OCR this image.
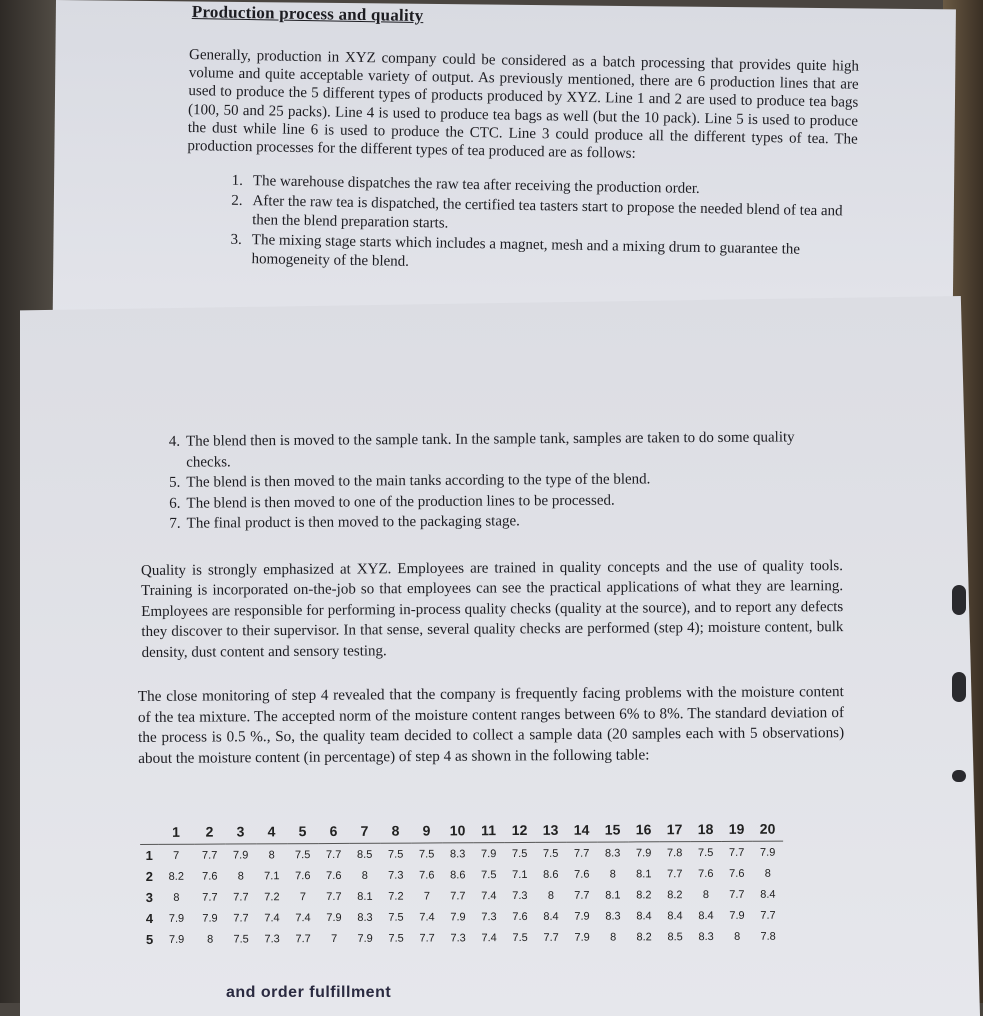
Production process and quality

Generally, production in XYZ company could be considered as a batch processing that provides quite high volume and quite acceptable variety of output. As previously mentioned, there are 6 production lines that are used to produce the 5 different types of products produced by XYZ. Line 1 and 2 are used to produce tea bags (100, 50 and 25 packs). Line 4 is used to produce tea bags as well (but the 10 pack). Line 5 is used to produce the dust while line 6 is used to produce the CTC. Line 3 could produce all the different types of tea. The production processes for the different types of tea produced are as follows:

1. The warehouse dispatches the raw tea after receiving the production order.
2. After the raw tea is dispatched, the certified tea tasters start to propose the needed blend of tea and then the blend preparation starts.
3. The mixing stage starts which includes a magnet, mesh and a mixing drum to guarantee the homogeneity of the blend.
4. The blend then is moved to the sample tank. In the sample tank, samples are taken to do some quality checks.
5. The blend is then moved to the main tanks according to the type of the blend.
6. The blend is then moved to one of the production lines to be processed.
7. The final product is then moved to the packaging stage.

Quality is strongly emphasized at XYZ. Employees are trained in quality concepts and the use of quality tools. Training is incorporated on-the-job so that employees can see the practical applications of what they are learning. Employees are responsible for performing in-process quality checks (quality at the source), and to report any defects they discover to their supervisor. In that sense, several quality checks are performed (step 4); moisture content, bulk density, dust content and sensory testing.

The close monitoring of step 4 revealed that the company is frequently facing problems with the moisture content of the tea mixture. The accepted norm of the moisture content ranges between 6% to 8%. The standard deviation of the process is 0.5 %., So, the quality team decided to collect a sample data (20 samples each with 5 observations) about the moisture content (in percentage) of step 4 as shown in the following table:

	1	2	3	4	5	6	7	8	9	10	11	12	13	14	15	16	17	18	19	20
1	7	7.7	7.9	8	7.5	7.7	8.5	7.5	7.5	8.3	7.9	7.5	7.5	7.7	8.3	7.9	7.8	7.5	7.7	7.9
2	8.2	7.6	8	7.1	7.6	7.6	8	7.3	7.6	8.6	7.5	7.1	8.6	7.6	8	8.1	7.7	7.6	7.6	8
3	8	7.7	7.7	7.2	7	7.7	8.1	7.2	7	7.7	7.4	7.3	8	7.7	8.1	8.2	8.2	8	7.7	8.4
4	7.9	7.9	7.7	7.4	7.4	7.9	8.3	7.5	7.4	7.9	7.3	7.6	8.4	7.9	8.3	8.4	8.4	8.4	7.9	7.7
5	7.9	8	7.5	7.3	7.7	7	7.9	7.5	7.7	7.3	7.4	7.5	7.7	7.9	8	8.2	8.5	8.3	8	7.8
and order fulfillment
